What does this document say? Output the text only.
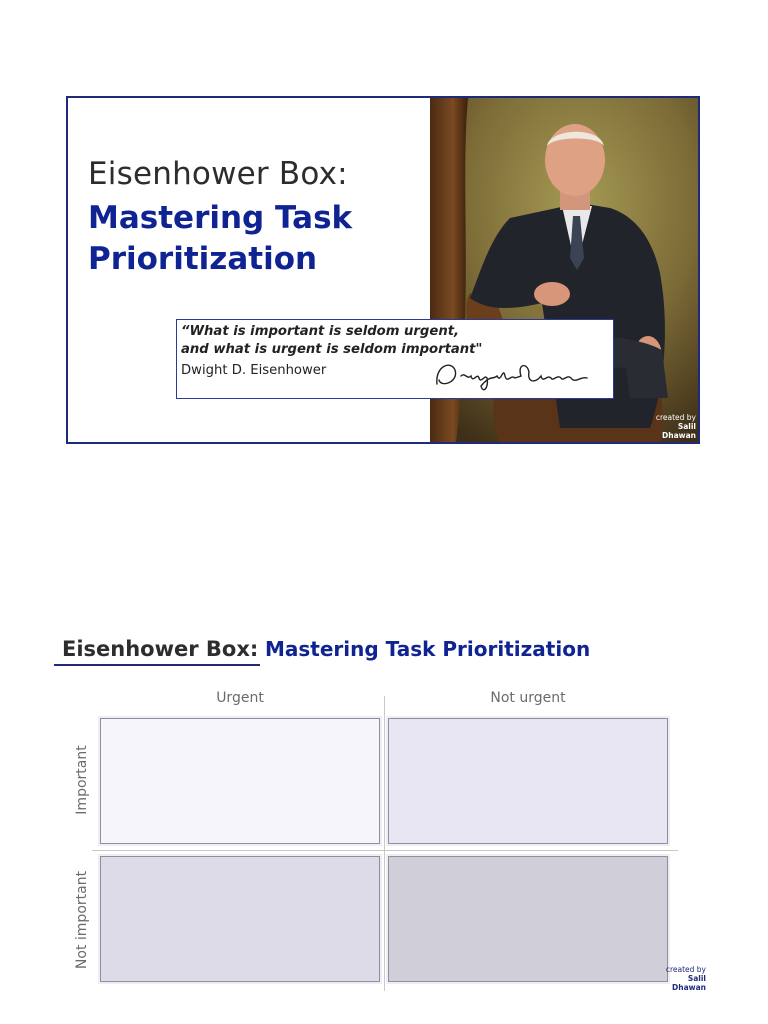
Eisenhower Box:
Mastering Task Prioritization
created by
Salil
Dhawan
“What is important is seldom urgent,
and what is urgent is seldom important"
Dwight D. Eisenhower
Eisenhower Box: Mastering Task Prioritization
Urgent	Not urgent
Important
Not important
created by
Salil
Dhawan
